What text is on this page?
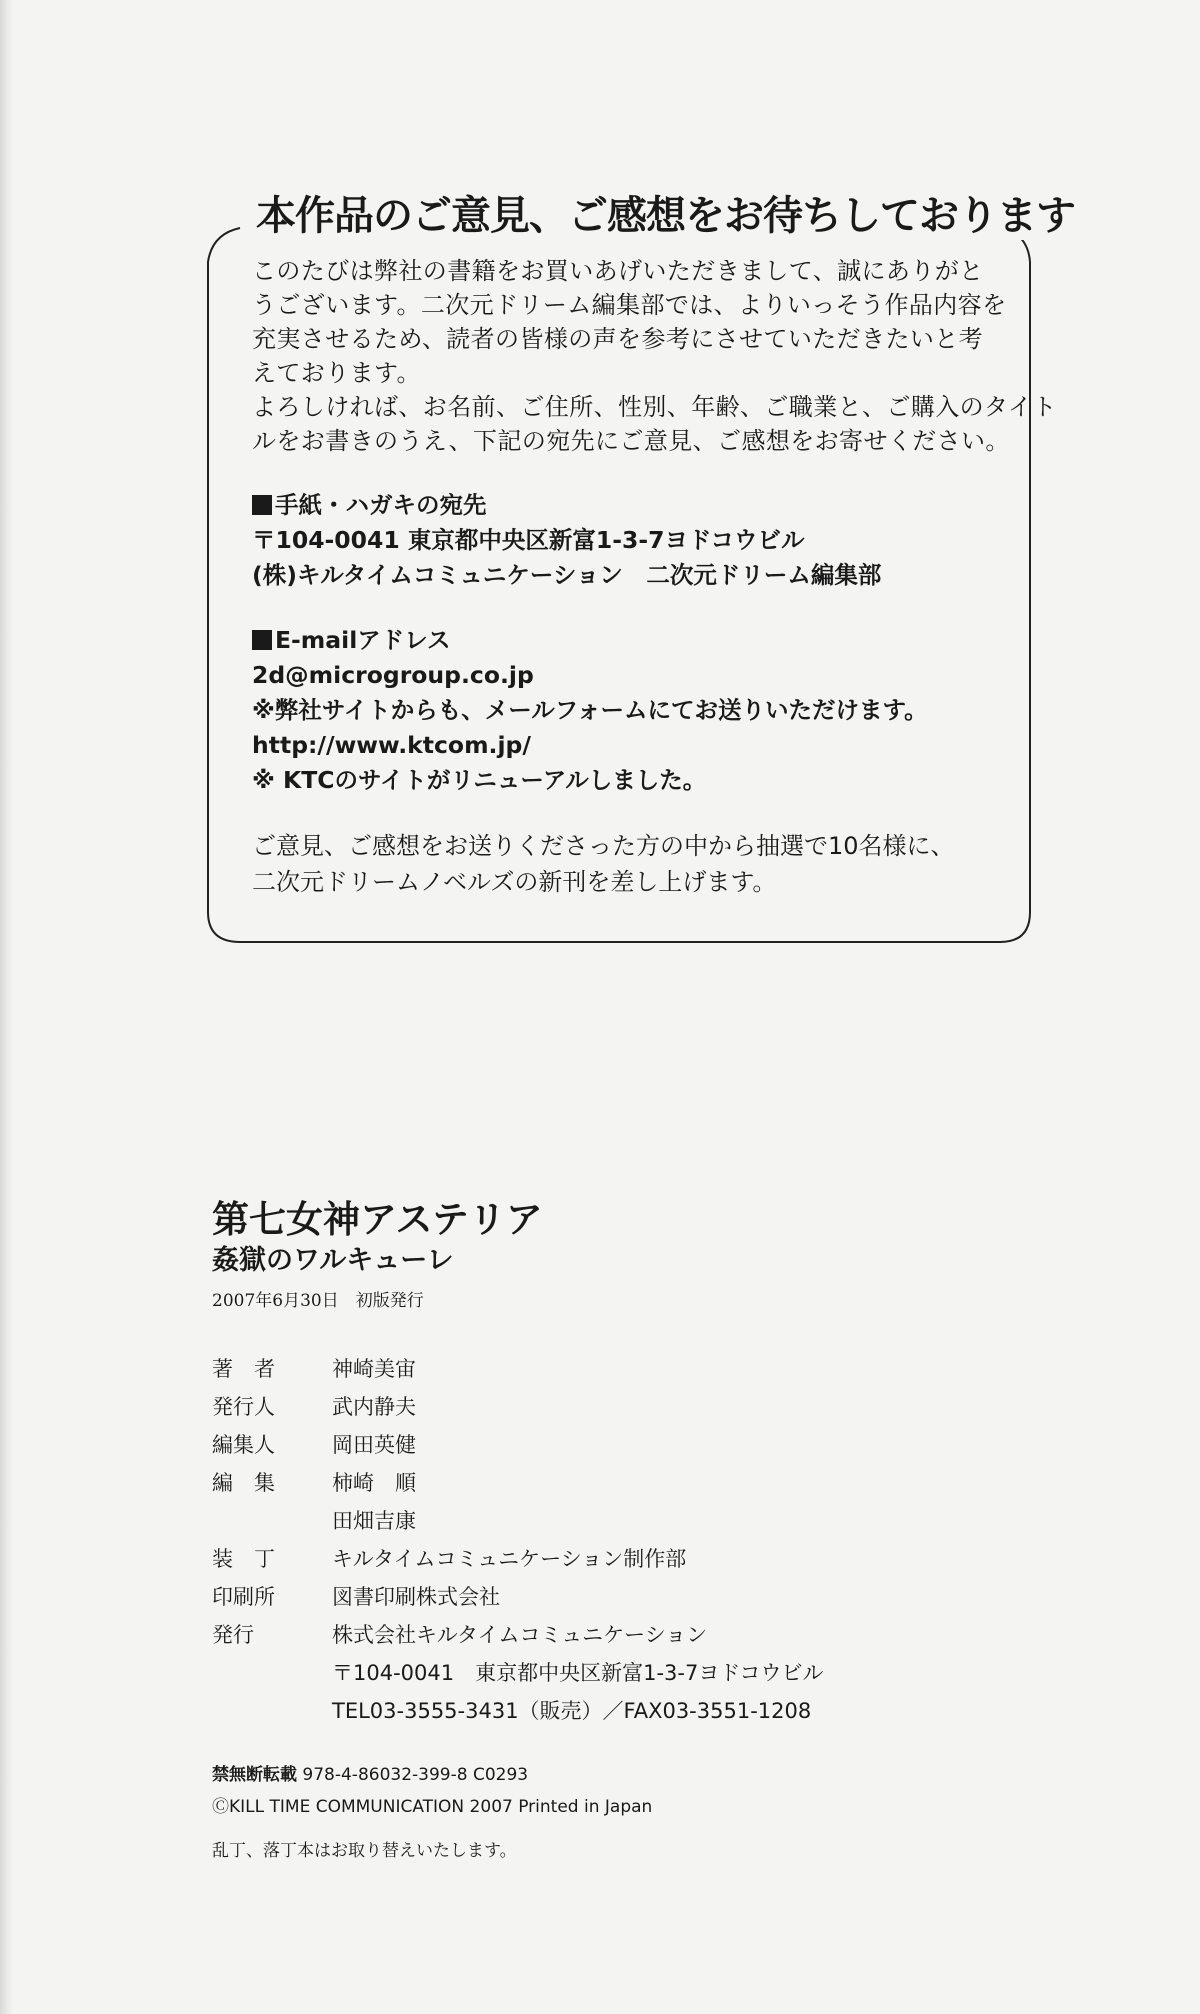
本作品のご意見、ご感想をお待ちしております

このたびは弊社の書籍をお買いあげいただきまして、誠にありがと

うございます。二次元ドリーム編集部では、よりいっそう作品内容を

充実させるため、読者の皆様の声を参考にさせていただきたいと考

えております。

よろしければ、お名前、ご住所、性別、年齢、ご職業と、ご購入のタイト

ルをお書きのうえ、下記の宛先にご意見、ご感想をお寄せください。

手紙・ハガキの宛先

〒104-0041 東京都中央区新富1-3-7ヨドコウビル

(株)キルタイムコミュニケーション　二次元ドリーム編集部

E-mailアドレス

2d@microgroup.co.jp

※弊社サイトからも、メールフォームにてお送りいただけます。

http://www.ktcom.jp/

※ KTCのサイトがリニューアルしました。

ご意見、ご感想をお送りくださった方の中から抽選で10名様に、

二次元ドリームノベルズの新刊を差し上げます。

第七女神アステリア

姦獄のワルキューレ

2007年6月30日　初版発行

著　者	神崎美宙
発行人	武内静夫
編集人	岡田英健
編　集	柿崎　順
田畑吉康
装　丁	キルタイムコミュニケーション制作部
印刷所	図書印刷株式会社
発行	株式会社キルタイムコミュニケーション
〒104-0041　東京都中央区新富1-3-7ヨドコウビル
TEL03-3555-3431（販売）／FAX03-3551-1208

禁無断転載 978-4-86032-399-8 C0293

ⒸKILL TIME COMMUNICATION 2007 Printed in Japan

乱丁、落丁本はお取り替えいたします。
